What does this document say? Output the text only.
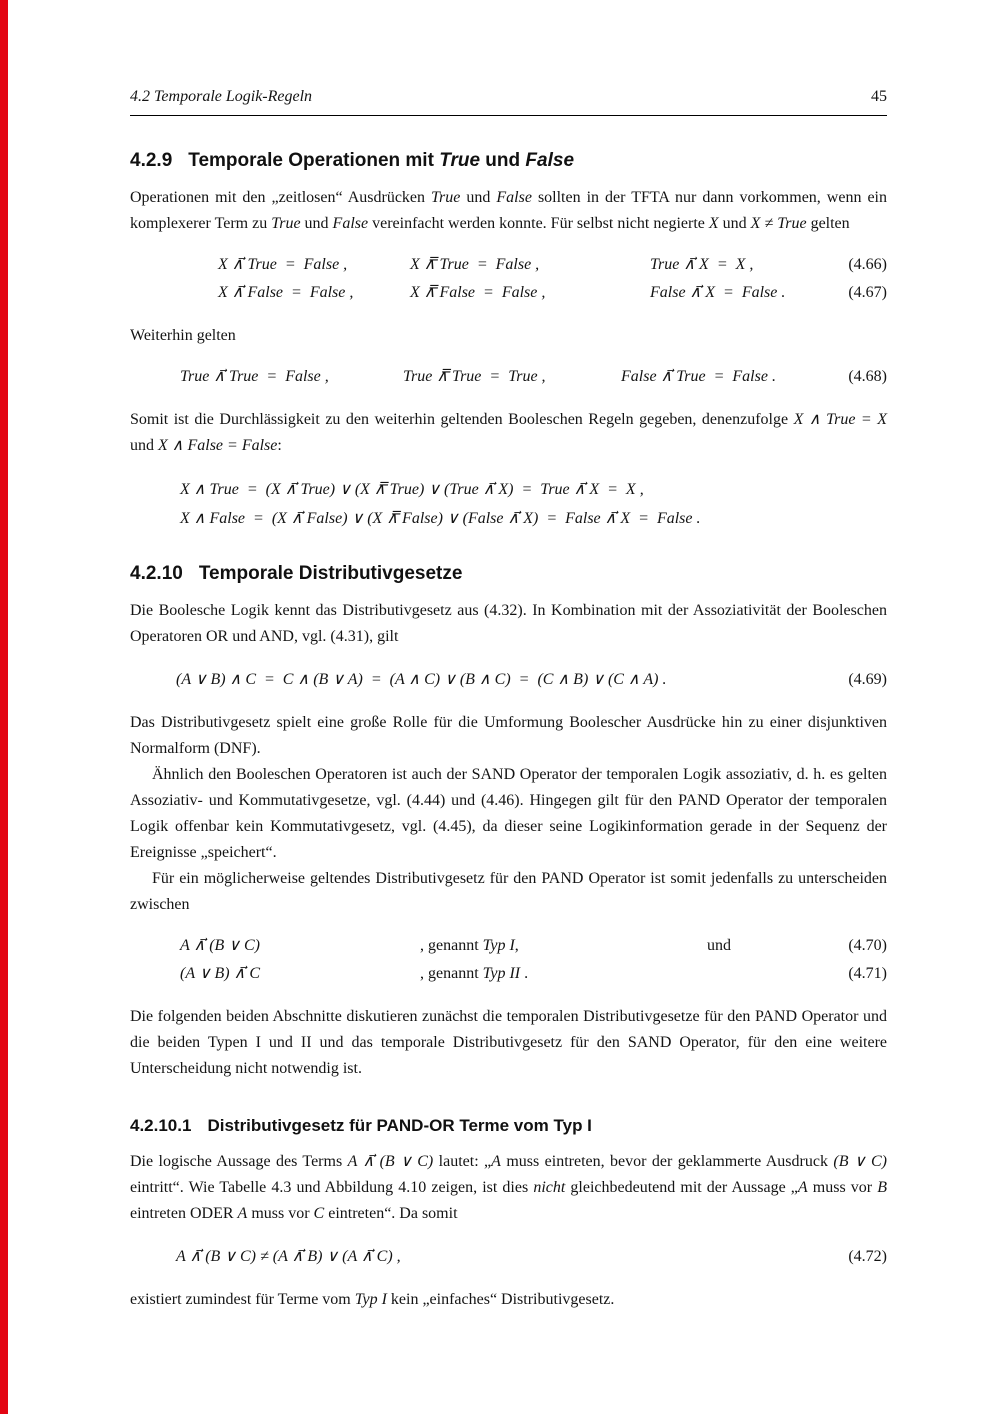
4.2 Temporale Logik-Regeln	45
4.2.9 Temporale Operationen mit True und False

Operationen mit den „zeitlosen“ Ausdrücken True und False sollten in der TFTA nur dann vorkommen, wenn ein komplexerer Term zu True und False vereinfacht werden konnte. Für selbst nicht negierte X und X ≠ True gelten

X ∧⃗ True  =  False ,	X ∧̿ True  =  False ,	True ∧⃗ X  =  X ,	(4.66)
X ∧⃗ False  =  False ,	X ∧̿ False  =  False ,	False ∧⃗ X  =  False .	(4.67)

Weiterhin gelten

True ∧⃗ True  =  False ,	True ∧̿ True  =  True ,	False ∧⃗ True  =  False .	(4.68)

Somit ist die Durchlässigkeit zu den weiterhin geltenden Booleschen Regeln gegeben, denenzufolge X ∧ True = X und X ∧ False = False:

X ∧ True  =  (X ∧⃗ True) ∨ (X ∧̿ True) ∨ (True ∧⃗ X)  =  True ∧⃗ X  =  X ,
X ∧ False  =  (X ∧⃗ False) ∨ (X ∧̿ False) ∨ (False ∧⃗ X)  =  False ∧⃗ X  =  False .
4.2.10 Temporale Distributivgesetze

Die Boolesche Logik kennt das Distributivgesetz aus (4.32). In Kombination mit der Assoziativität der Booleschen Operatoren OR und AND, vgl. (4.31), gilt

(A ∨ B) ∧ C  =  C ∧ (B ∨ A)  =  (A ∧ C) ∨ (B ∧ C)  =  (C ∧ B) ∨ (C ∧ A) .	(4.69)

Das Distributivgesetz spielt eine große Rolle für die Umformung Boolescher Ausdrücke hin zu einer disjunktiven Normalform (DNF).

Ähnlich den Booleschen Operatoren ist auch der SAND Operator der temporalen Logik assoziativ, d. h. es gelten Assoziativ- und Kommutativgesetze, vgl. (4.44) und (4.46). Hingegen gilt für den PAND Operator der temporalen Logik offenbar kein Kommutativgesetz, vgl. (4.45), da dieser seine Logikinformation gerade in der Sequenz der Ereignisse „speichert“.

Für ein möglicherweise geltendes Distributivgesetz für den PAND Operator ist somit jedenfalls zu unterscheiden zwischen

A ∧⃗ (B ∨ C)	, genannt Typ I,	und	(4.70)
(A ∨ B) ∧⃗ C	, genannt Typ II .	(4.71)

Die folgenden beiden Abschnitte diskutieren zunächst die temporalen Distributivgesetze für den PAND Operator und die beiden Typen I und II und das temporale Distributivgesetz für den SAND Operator, für den eine weitere Unterscheidung nicht notwendig ist.

4.2.10.1 Distributivgesetz für PAND-OR Terme vom Typ I

Die logische Aussage des Terms A ∧⃗ (B ∨ C) lautet: „A muss eintreten, bevor der geklammerte Ausdruck (B ∨ C) eintritt“. Wie Tabelle 4.3 und Abbildung 4.10 zeigen, ist dies nicht gleichbedeutend mit der Aussage „A muss vor B eintreten ODER A muss vor C eintreten“. Da somit

A ∧⃗ (B ∨ C) ≠ (A ∧⃗ B) ∨ (A ∧⃗ C) ,	(4.72)

existiert zumindest für Terme vom Typ I kein „einfaches“ Distributivgesetz.
